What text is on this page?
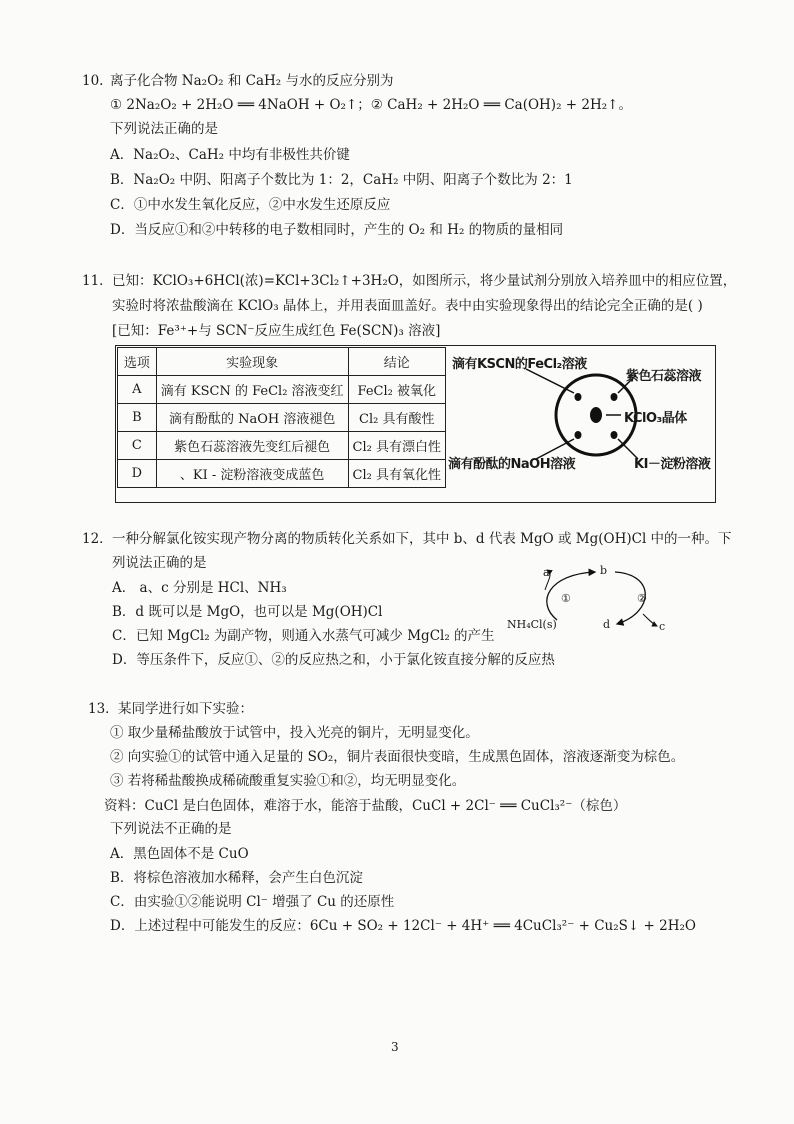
10. 离子化合物 Na₂O₂ 和 CaH₂ 与水的反应分别为
① 2Na₂O₂ + 2H₂O ══ 4NaOH + O₂↑；② CaH₂ + 2H₂O ══ Ca(OH)₂ + 2H₂↑。
下列说法正确的是
A．Na₂O₂、CaH₂ 中均有非极性共价键
B．Na₂O₂ 中阴、阳离子个数比为 1：2，CaH₂ 中阴、阳离子个数比为 2：1
C．①中水发生氧化反应，②中水发生还原反应
D．当反应①和②中转移的电子数相同时，产生的 O₂ 和 H₂ 的物质的量相同
11． 已知：KClO₃+6HCl(浓)=KCl+3Cl₂↑+3H₂O，如图所示，将少量试剂分别放入培养皿中的相应位置，
实验时将浓盐酸滴在 KClO₃ 晶体上，并用表面皿盖好。表中由实验现象得出的结论完全正确的是( )
[已知：Fe³⁺+与 SCN⁻反应生成红色 Fe(SCN)₃ 溶液]
选项	实验现象	结论
A	滴有 KSCN 的 FeCl₂ 溶液变红	FeCl₂ 被氧化
B	滴有酚酞的 NaOH 溶液褪色	Cl₂ 具有酸性
C	紫色石蕊溶液先变红后褪色	Cl₂ 具有漂白性
D	、KI - 淀粉溶液变成蓝色	Cl₂ 具有氧化性
滴有KSCN的FeCl₂溶液
紫色石蕊溶液
KClO₃晶体
滴有酚酞的NaOH溶液	KI－淀粉溶液
12． 一种分解氯化铵实现产物分离的物质转化关系如下，其中 b、d 代表 MgO 或 Mg(OH)Cl 中的一种。下
列说法正确的是
A． a、c 分别是 HCl、NH₃
B．d 既可以是 MgO，也可以是 Mg(OH)Cl
C．已知 MgCl₂ 为副产物，则通入水蒸气可减少 MgCl₂ 的产生
D．等压条件下，反应①、②的反应热之和，小于氯化铵直接分解的反应热
a	b
c
d
NH₄Cl(s)
①	②
13． 某同学进行如下实验：
① 取少量稀盐酸放于试管中，投入光亮的铜片，无明显变化。
② 向实验①的试管中通入足量的 SO₂，铜片表面很快变暗，生成黑色固体，溶液逐渐变为棕色。
③ 若将稀盐酸换成稀硫酸重复实验①和②，均无明显变化。
资料：CuCl 是白色固体，难溶于水，能溶于盐酸，CuCl + 2Cl⁻ ══ CuCl₃²⁻（棕色）
下列说法不正确的是
A．黑色固体不是 CuO
B．将棕色溶液加水稀释，会产生白色沉淀
C．由实验①②能说明 Cl⁻ 增强了 Cu 的还原性
D．上述过程中可能发生的反应：6Cu + SO₂ + 12Cl⁻ + 4H⁺ ══ 4CuCl₃²⁻ + Cu₂S↓ + 2H₂O
3
